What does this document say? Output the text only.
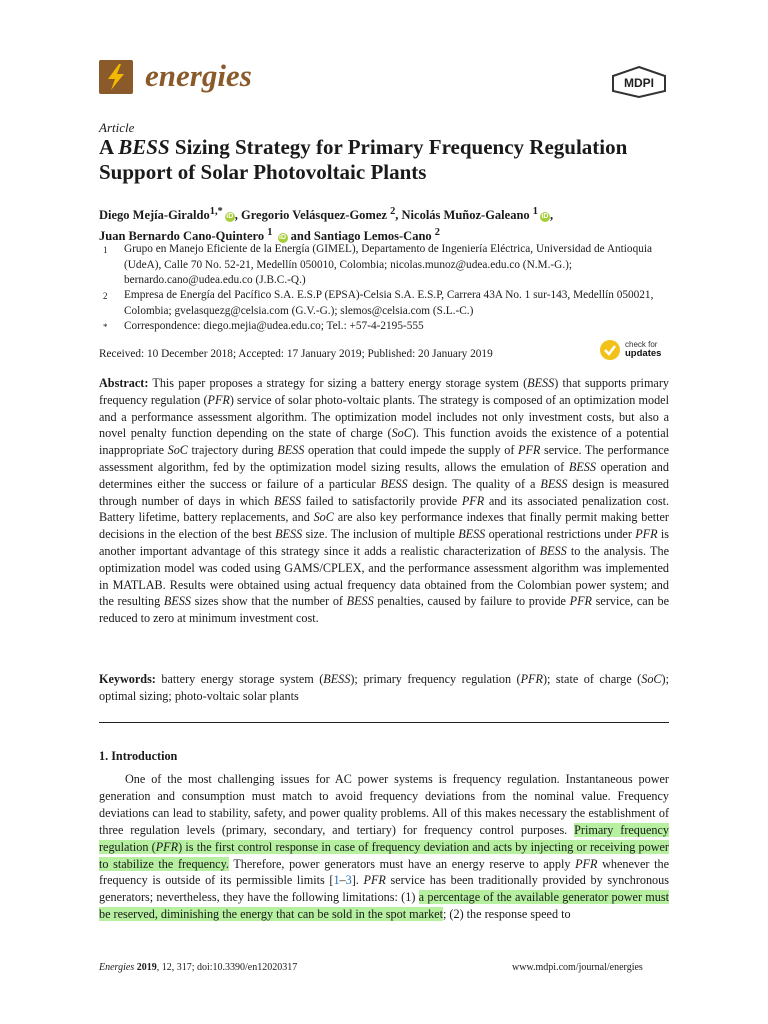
energies	MDPI
Article
A BESS Sizing Strategy for Primary Frequency Regulation Support of Solar Photovoltaic Plants
Diego Mejía-Giraldo$^{1,*}$ iD , Gregorio Velásquez-Gomez $^2$, Nicolás Muñoz-Galeano $^1$ iD ,
Juan Bernardo Cano-Quintero $^1$ iD and Santiago Lemos-Cano $^2$
1	Grupo en Manejo Eficiente de la Energía (GIMEL), Departamento de Ingeniería Eléctrica, Universidad de Antioquia (UdeA), Calle 70 No. 52-21, Medellín 050010, Colombia; nicolas.munoz@udea.edu.co (N.M.-G.); bernardo.cano@udea.edu.co (J.B.C.-Q.)
2	Empresa de Energía del Pacífico S.A. E.S.P (EPSA)-Celsia S.A. E.S.P, Carrera 43A No. 1 sur-143, Medellín 050021, Colombia; gvelasquezg@celsia.com (G.V.-G.); slemos@celsia.com (S.L.-C.)
*	Correspondence: diego.mejia@udea.edu.co; Tel.: +57-4-2195-555
Received: 10 December 2018; Accepted: 17 January 2019; Published: 20 January 2019
check for
updates
Abstract: This paper proposes a strategy for sizing a battery energy storage system (BESS) that supports primary frequency regulation (PFR) service of solar photo-voltaic plants. The strategy is composed of an optimization model and a performance assessment algorithm. The optimization model includes not only investment costs, but also a novel penalty function depending on the state of charge (SoC). This function avoids the existence of a potential inappropriate SoC trajectory during BESS operation that could impede the supply of PFR service. The performance assessment algorithm, fed by the optimization model sizing results, allows the emulation of BESS operation and determines either the success or failure of a particular BESS design. The quality of a BESS design is measured through number of days in which BESS failed to satisfactorily provide PFR and its associated penalization cost. Battery lifetime, battery replacements, and SoC are also key performance indexes that finally permit making better decisions in the election of the best BESS size. The inclusion of multiple BESS operational restrictions under PFR is another important advantage of this strategy since it adds a realistic characterization of BESS to the analysis. The optimization model was coded using GAMS/CPLEX, and the performance assessment algorithm was implemented in MATLAB. Results were obtained using actual frequency data obtained from the Colombian power system; and the resulting BESS sizes show that the number of BESS penalties, caused by failure to provide PFR service, can be reduced to zero at minimum investment cost.
Keywords: battery energy storage system (BESS); primary frequency regulation (PFR); state of charge (SoC); optimal sizing; photo-voltaic solar plants
1. Introduction
One of the most challenging issues for AC power systems is frequency regulation. Instantaneous power generation and consumption must match to avoid frequency deviations from the nominal value. Frequency deviations can lead to stability, safety, and power quality problems. All of this makes necessary the establishment of three regulation levels (primary, secondary, and tertiary) for frequency control purposes. Primary frequency regulation (PFR) is the first control response in case of frequency deviation and acts by injecting or receiving power to stabilize the frequency. Therefore, power generators must have an energy reserve to apply PFR whenever the frequency is outside of its permissible limits [1–3]. PFR service has been traditionally provided by synchronous generators; nevertheless, they have the following limitations: (1) a percentage of the available generator power must be reserved, diminishing the energy that can be sold in the spot market; (2) the response speed to
Energies 2019, 12, 317; doi:10.3390/en12020317	www.mdpi.com/journal/energies
